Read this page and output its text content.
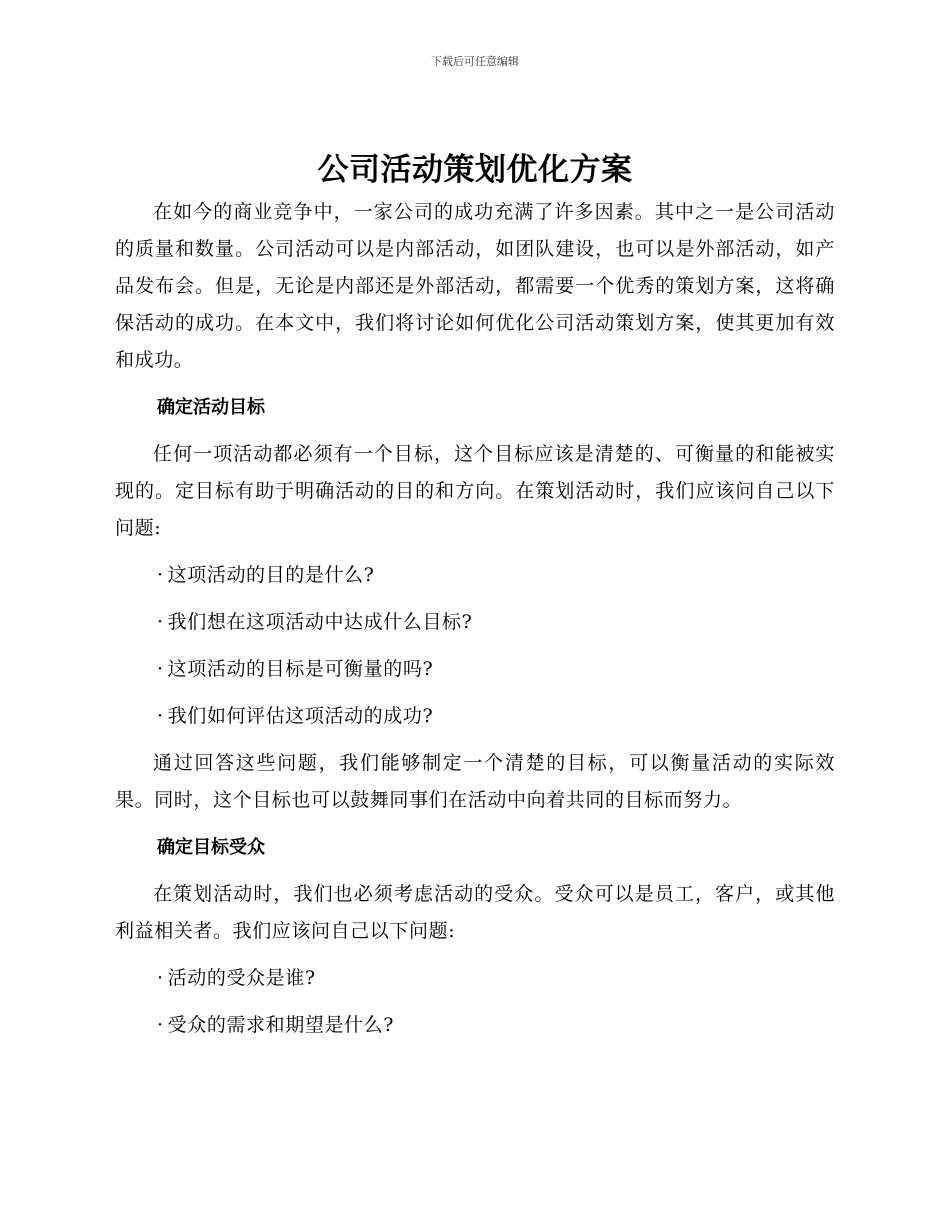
下载后可任意编辑
公司活动策划优化方案

在如今的商业竞争中，一家公司的成功充满了许多因素。其中之一是公司活动的质量和数量。公司活动可以是内部活动，如团队建设，也可以是外部活动，如产品发布会。但是，无论是内部还是外部活动，都需要一个优秀的策划方案，这将确保活动的成功。在本文中，我们将讨论如何优化公司活动策划方案，使其更加有效和成功。

确定活动目标

任何一项活动都必须有一个目标，这个目标应该是清楚的、可衡量的和能被实现的。定目标有助于明确活动的目的和方向。在策划活动时，我们应该问自己以下问题:

· 这项活动的目的是什么?
· 我们想在这项活动中达成什么目标?
· 这项活动的目标是可衡量的吗?
· 我们如何评估这项活动的成功?

通过回答这些问题，我们能够制定一个清楚的目标，可以衡量活动的实际效果。同时，这个目标也可以鼓舞同事们在活动中向着共同的目标而努力。

确定目标受众

在策划活动时，我们也必须考虑活动的受众。受众可以是员工，客户，或其他利益相关者。我们应该问自己以下问题:

· 活动的受众是谁?
· 受众的需求和期望是什么?
